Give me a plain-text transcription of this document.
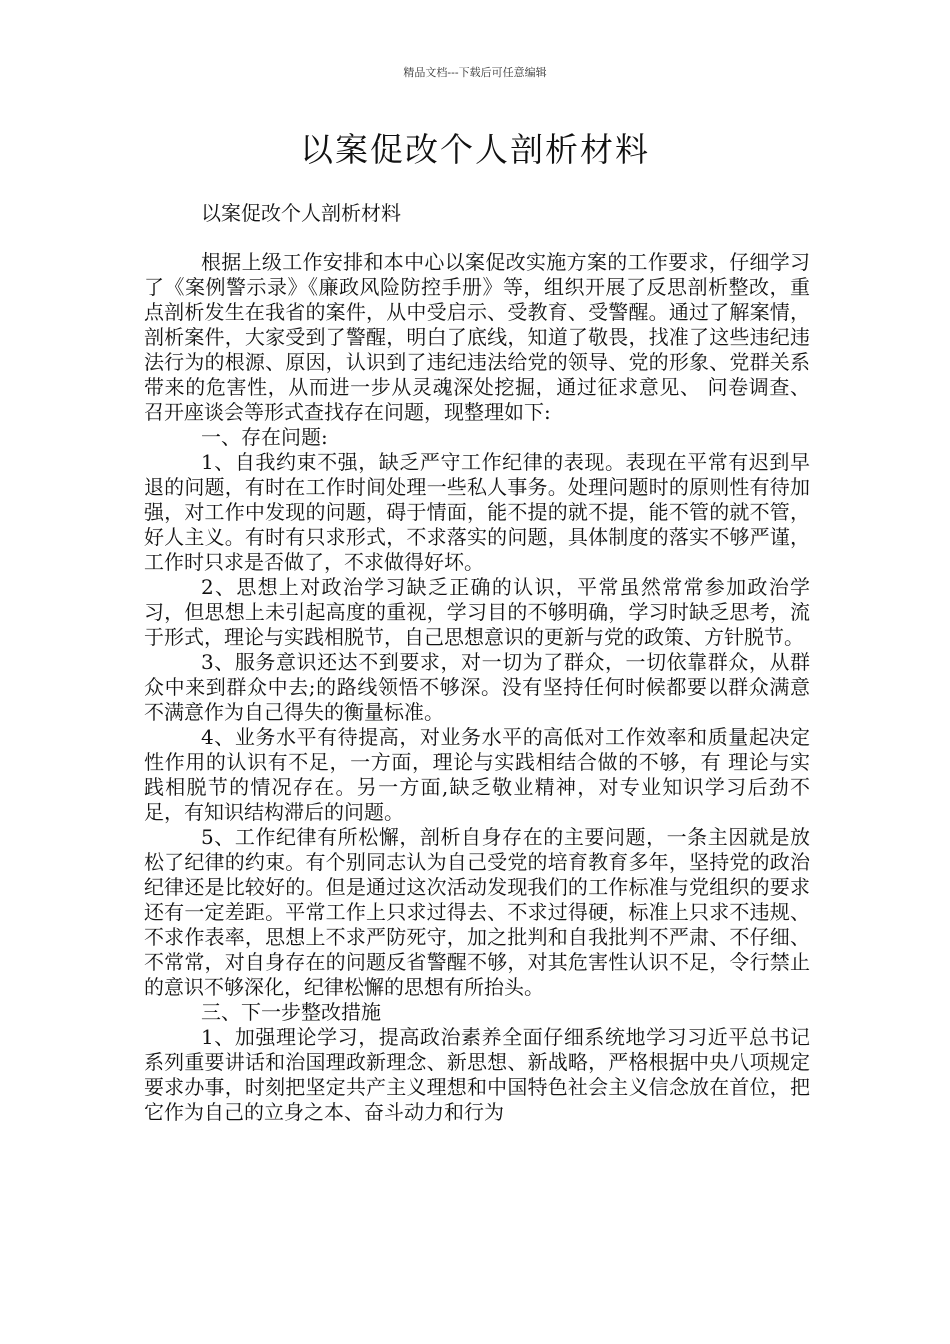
精品文档---下载后可任意编辑
以案促改个人剖析材料

以案促改个人剖析材料

根据上级工作安排和本中心以案促改实施方案的工作要求，仔细学习了《案例警示录》《廉政风险防控手册》等，组织开展了反思剖析整改，重点剖析发生在我省的案件，从中受启示、受教育、受警醒。通过了解案情，剖析案件，大家受到了警醒，明白了底线，知道了敬畏，找准了这些违纪违法行为的根源、原因，认识到了违纪违法给党的领导、党的形象、党群关系带来的危害性，从而进一步从灵魂深处挖掘，通过征求意见、 问卷调查、召开座谈会等形式查找存在问题，现整理如下:

一、存在问题:

1、自我约束不强，缺乏严守工作纪律的表现。表现在平常有迟到早退的问题，有时在工作时间处理一些私人事务。处理问题时的原则性有待加强，对工作中发现的问题，碍于情面，能不提的就不提，能不管的就不管，好人主义。有时有只求形式，不求落实的问题，具体制度的落实不够严谨，工作时只求是否做了，不求做得好坏。

2、思想上对政治学习缺乏正确的认识，平常虽然常常参加政治学习，但思想上未引起高度的重视，学习目的不够明确，学习时缺乏思考，流于形式，理论与实践相脱节，自己思想意识的更新与党的政策、方针脱节。

3、服务意识还达不到要求，对一切为了群众，一切依靠群众，从群众中来到群众中去;的路线领悟不够深。没有坚持任何时候都要以群众满意不满意作为自己得失的衡量标准。

4、业务水平有待提高，对业务水平的高低对工作效率和质量起决定性作用的认识有不足，一方面，理论与实践相结合做的不够，有 理论与实践相脱节的情况存在。另一方面,缺乏敬业精神，对专业知识学习后劲不足，有知识结构滞后的问题。

5、工作纪律有所松懈，剖析自身存在的主要问题，一条主因就是放松了纪律的约束。有个别同志认为自己受党的培育教育多年，坚持党的政治纪律还是比较好的。但是通过这次活动发现我们的工作标准与党组织的要求还有一定差距。平常工作上只求过得去、不求过得硬，标准上只求不违规、不求作表率，思想上不求严防死守，加之批判和自我批判不严肃、不仔细、不常常，对自身存在的问题反省警醒不够，对其危害性认识不足，令行禁止的意识不够深化，纪律松懈的思想有所抬头。

三、下一步整改措施

1、加强理论学习，提高政治素养全面仔细系统地学习习近平总书记系列重要讲话和治国理政新理念、新思想、新战略，严格根据中央八项规定要求办事，时刻把坚定共产主义理想和中国特色社会主义信念放在首位，把它作为自己的立身之本、奋斗动力和行为
